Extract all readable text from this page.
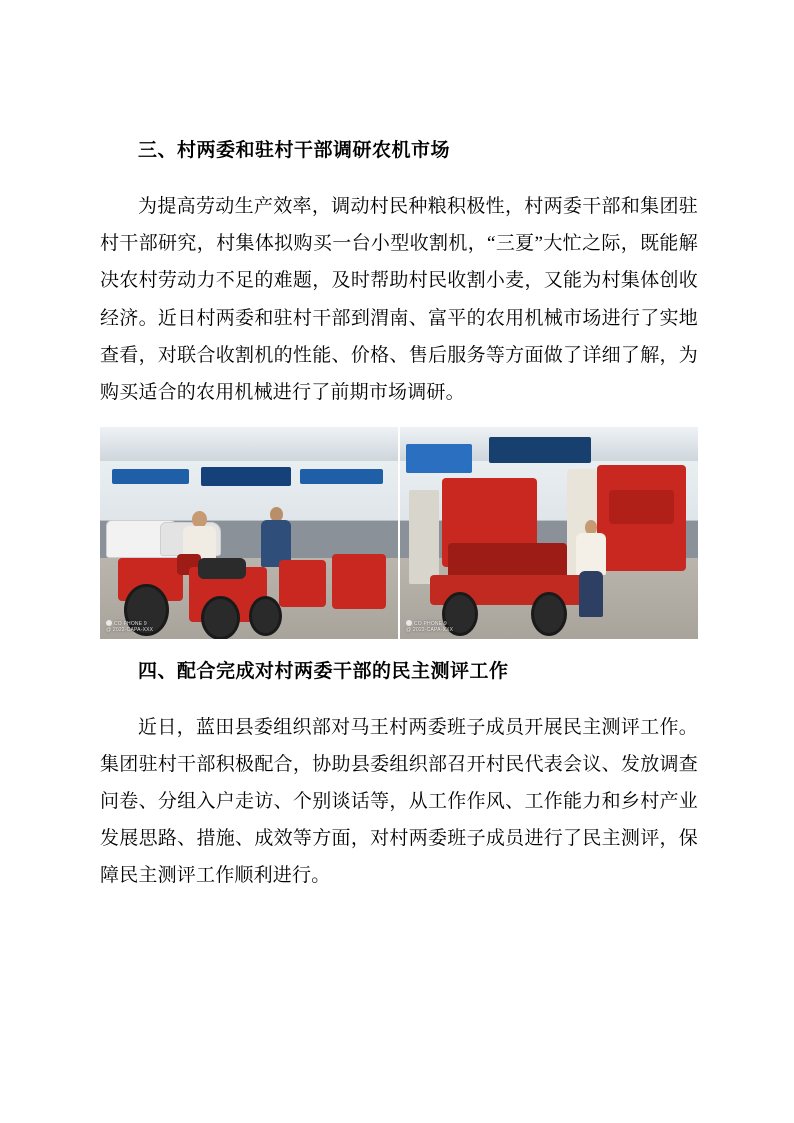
三、村两委和驻村干部调研农机市场

为提高劳动生产效率，调动村民种粮积极性，村两委干部和集团驻村干部研究，村集体拟购买一台小型收割机，“三夏”大忙之际，既能解决农村劳动力不足的难题，及时帮助村民收割小麦，又能为村集体创收经济。近日村两委和驻村干部到渭南、富平的农用机械市场进行了实地查看，对联合收割机的性能、价格、售后服务等方面做了详细了解，为购买适合的农用机械进行了前期市场调研。

CO PHONE 9
@ 2022-CAPA-XXX
CO PHONE 9
@ 2022-CAPA-XXX
四、配合完成对村两委干部的民主测评工作

近日，蓝田县委组织部对马王村两委班子成员开展民主测评工作。集团驻村干部积极配合，协助县委组织部召开村民代表会议、发放调查问卷、分组入户走访、个别谈话等，从工作作风、工作能力和乡村产业发展思路、措施、成效等方面，对村两委班子成员进行了民主测评，保障民主测评工作顺利进行。
